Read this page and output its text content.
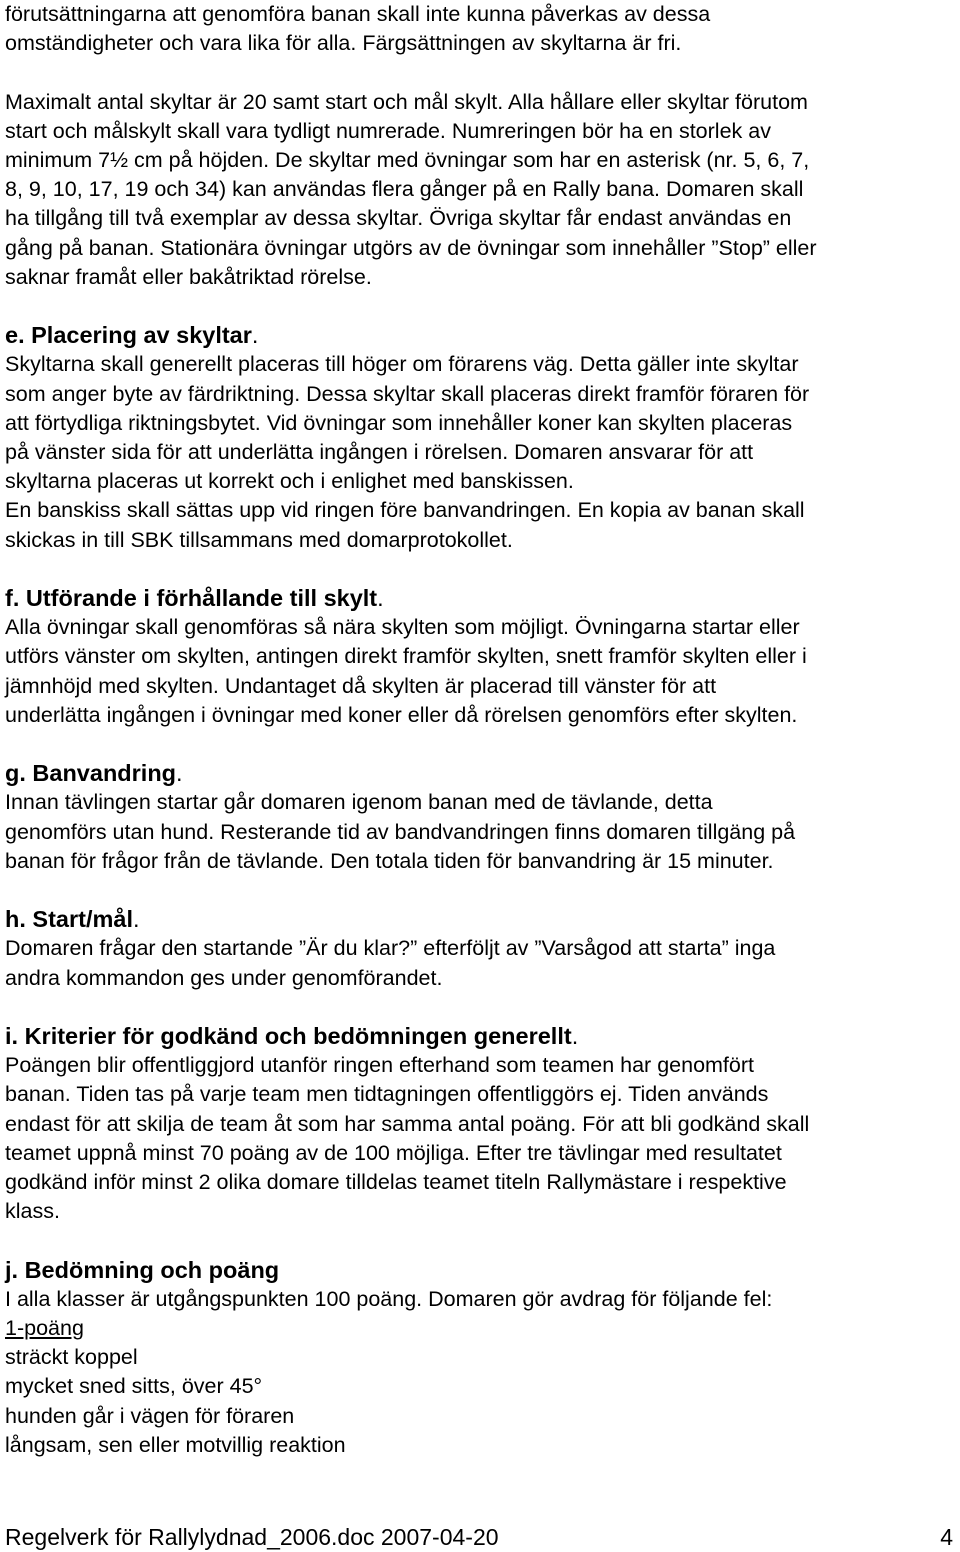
förutsättningarna att genomföra banan skall inte kunna påverkas av dessa

omständigheter och vara lika för alla. Färgsättningen av skyltarna är fri.

Maximalt antal skyltar är 20 samt start och mål skylt. Alla hållare eller skyltar förutom

start och målskylt skall vara tydligt numrerade. Numreringen bör ha en storlek av

minimum 7½ cm på höjden. De skyltar med övningar som har en asterisk (nr. 5, 6, 7,

8, 9, 10, 17, 19 och 34) kan användas flera gånger på en Rally bana. Domaren skall

ha tillgång till två exemplar av dessa skyltar. Övriga skyltar får endast användas en

gång på banan. Stationära övningar utgörs av de övningar som innehåller ”Stop” eller

saknar framåt eller bakåtriktad rörelse.

e. Placering av skyltar.

Skyltarna skall generellt placeras till höger om förarens väg. Detta gäller inte skyltar

som anger byte av färdriktning. Dessa skyltar skall placeras direkt framför föraren för

att förtydliga riktningsbytet. Vid övningar som innehåller koner kan skylten placeras

på vänster sida för att underlätta ingången i rörelsen. Domaren ansvarar för att

skyltarna placeras ut korrekt och i enlighet med banskissen.

En banskiss skall sättas upp vid ringen före banvandringen. En kopia av banan skall

skickas in till SBK tillsammans med domarprotokollet.

f. Utförande i förhållande till skylt.

Alla övningar skall genomföras så nära skylten som möjligt. Övningarna startar eller

utförs vänster om skylten, antingen direkt framför skylten, snett framför skylten eller i

jämnhöjd med skylten. Undantaget då skylten är placerad till vänster för att

underlätta ingången i övningar med koner eller då rörelsen genomförs efter skylten.

g. Banvandring.

Innan tävlingen startar går domaren igenom banan med de tävlande, detta

genomförs utan hund. Resterande tid av bandvandringen finns domaren tillgäng på

banan för frågor från de tävlande. Den totala tiden för banvandring är 15 minuter.

h. Start/mål.

Domaren frågar den startande ”Är du klar?” efterföljt av ”Varsågod att starta” inga

andra kommandon ges under genomförandet.

i. Kriterier för godkänd och bedömningen generellt.

Poängen blir offentliggjord utanför ringen efterhand som teamen har genomfört

banan. Tiden tas på varje team men tidtagningen offentliggörs ej. Tiden används

endast för att skilja de team åt som har samma antal poäng. För att bli godkänd skall

teamet uppnå minst 70 poäng av de 100 möjliga. Efter tre tävlingar med resultatet

godkänd inför minst 2 olika domare tilldelas teamet titeln Rallymästare i respektive

klass.

j. Bedömning och poäng

I alla klasser är utgångspunkten 100 poäng. Domaren gör avdrag för följande fel:

1-poäng

sträckt koppel

mycket sned sitts, över 45°

hunden går i vägen för föraren

långsam, sen eller motvillig reaktion

Regelverk för Rallylydnad_2006.doc 2007-04-20	4
